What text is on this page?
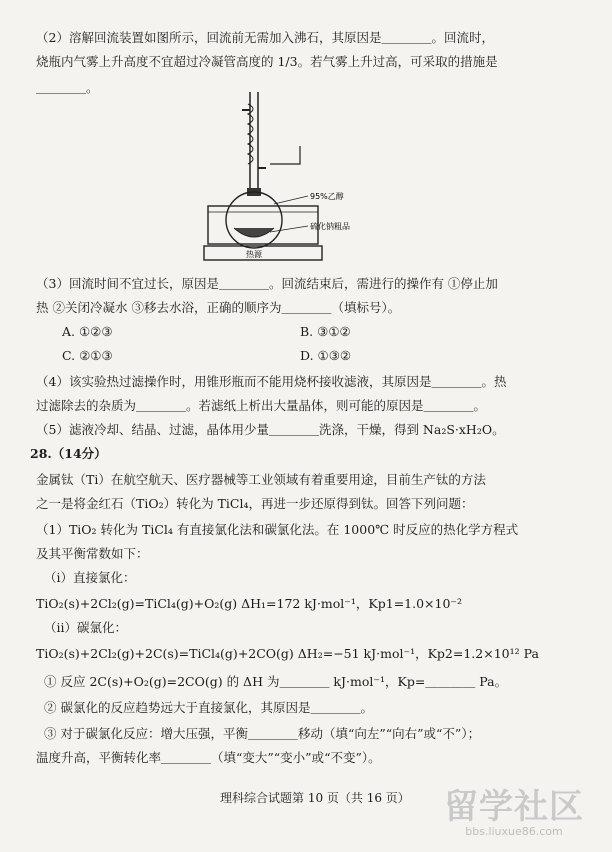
（2）溶解回流装置如图所示，回流前无需加入沸石，其原因是＿＿＿＿。回流时，
烧瓶内气雾上升高度不宜超过冷凝管高度的 1/3。若气雾上升过高，可采取的措施是
＿＿＿＿。
95%乙醇
硫化钠粗品
热源
（3）回流时间不宜过长，原因是＿＿＿＿。回流结束后，需进行的操作有 ①停止加
热 ②关闭冷凝水 ③移去水浴，正确的顺序为＿＿＿＿（填标号）。
A. ①②③	B. ③①②
C. ②①③	D. ①③②
（4）该实验热过滤操作时，用锥形瓶而不能用烧杯接收滤液，其原因是＿＿＿＿。热
过滤除去的杂质为＿＿＿＿。若滤纸上析出大量晶体，则可能的原因是＿＿＿＿。
（5）滤液冷却、结晶、过滤，晶体用少量＿＿＿＿洗涤，干燥，得到 Na₂S·xH₂O。
28.（14分）
金属钛（Ti）在航空航天、医疗器械等工业领域有着重要用途，目前生产钛的方法
之一是将金红石（TiO₂）转化为 TiCl₄，再进一步还原得到钛。回答下列问题：
（1）TiO₂ 转化为 TiCl₄ 有直接氯化法和碳氯化法。在 1000℃ 时反应的热化学方程式
及其平衡常数如下：
（i）直接氯化：
TiO₂(s)+2Cl₂(g)=TiCl₄(g)+O₂(g) ΔH₁=172 kJ·mol⁻¹，Kp1=1.0×10⁻²
（ii）碳氯化：
TiO₂(s)+2Cl₂(g)+2C(s)=TiCl₄(g)+2CO(g) ΔH₂=−51 kJ·mol⁻¹，Kp2=1.2×10¹² Pa
① 反应 2C(s)+O₂(g)=2CO(g) 的 ΔH 为＿＿＿＿ kJ·mol⁻¹，Kp=＿＿＿＿ Pa。
② 碳氯化的反应趋势远大于直接氯化，其原因是＿＿＿＿。
③ 对于碳氯化反应：增大压强，平衡＿＿＿＿移动（填“向左”“向右”或“不”）；
温度升高，平衡转化率＿＿＿＿（填“变大”“变小”或“不变”）。
理科综合试题第 10 页（共 16 页） 留学社区
bbs.liuxue86.com
